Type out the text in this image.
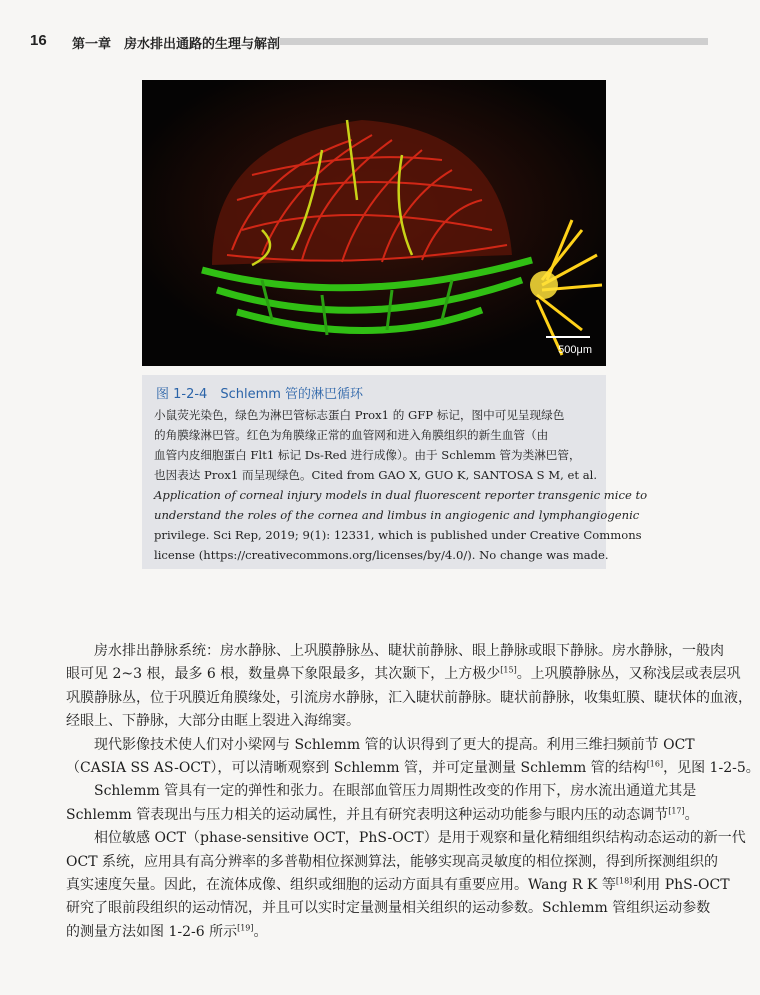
16 第一章　房水排出通路的生理与解剖
500μm
图 1-2-4　Schlemm 管的淋巴循环
小鼠荧光染色，绿色为淋巴管标志蛋白 Prox1 的 GFP 标记，图中可见呈现绿色
的角膜缘淋巴管。红色为角膜缘正常的血管网和进入角膜组织的新生血管（由
血管内皮细胞蛋白 Flt1 标记 Ds-Red 进行成像）。由于 Schlemm 管为类淋巴管，
也因表达 Prox1 而呈现绿色。Cited from GAO X, GUO K, SANTOSA S M, et al.
Application of corneal injury models in dual fluorescent reporter transgenic mice to
understand the roles of the cornea and limbus in angiogenic and lymphangiogenic
privilege. Sci Rep, 2019; 9(1): 12331, which is published under Creative Commons
license (https://creativecommons.org/licenses/by/4.0/). No change was made.
房水排出静脉系统：房水静脉、上巩膜静脉丛、睫状前静脉、眼上静脉或眼下静脉。房水静脉，一般肉
眼可见 2~3 根，最多 6 根，数量鼻下象限最多，其次颞下，上方极少[15]。上巩膜静脉丛，又称浅层或表层巩
巩膜静脉丛，位于巩膜近角膜缘处，引流房水静脉，汇入睫状前静脉。睫状前静脉，收集虹膜、睫状体的血液，
经眼上、下静脉，大部分由眶上裂进入海绵窦。
现代影像技术使人们对小梁网与 Schlemm 管的认识得到了更大的提高。利用三维扫频前节 OCT
（CASIA SS AS-OCT），可以清晰观察到 Schlemm 管，并可定量测量 Schlemm 管的结构[16]，见图 1-2-5。
Schlemm 管具有一定的弹性和张力。在眼部血管压力周期性改变的作用下，房水流出通道尤其是
Schlemm 管表现出与压力相关的运动属性，并且有研究表明这种运动功能参与眼内压的动态调节[17]。
相位敏感 OCT（phase-sensitive OCT，PhS-OCT）是用于观察和量化精细组织结构动态运动的新一代
OCT 系统，应用具有高分辨率的多普勒相位探测算法，能够实现高灵敏度的相位探测，得到所探测组织的
真实速度矢量。因此，在流体成像、组织或细胞的运动方面具有重要应用。Wang R K 等[18]利用 PhS-OCT
研究了眼前段组织的运动情况，并且可以实时定量测量相关组织的运动参数。Schlemm 管组织运动参数
的测量方法如图 1-2-6 所示[19]。
